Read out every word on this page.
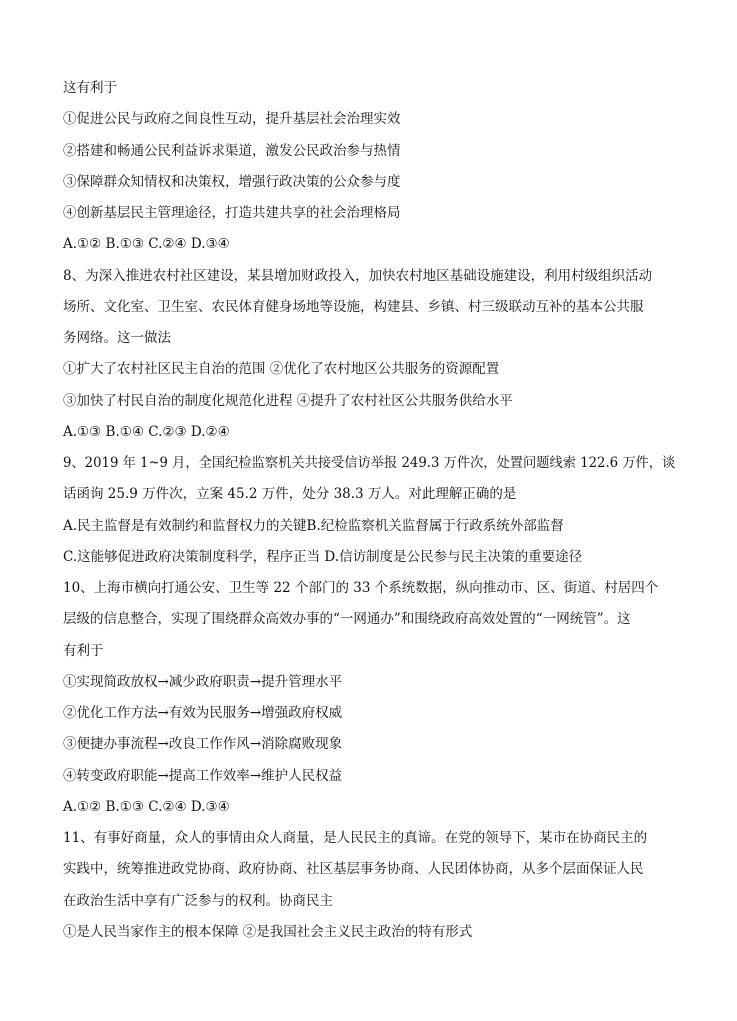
这有利于
①促进公民与政府之间良性互动，提升基层社会治理实效
②搭建和畅通公民利益诉求渠道，激发公民政治参与热情
③保障群众知情权和决策权，增强行政决策的公众参与度
④创新基层民主管理途径，打造共建共享的社会治理格局
A.①② B.①③ C.②④ D.③④
8、为深入推进农村社区建设，某县增加财政投入，加快农村地区基础设施建设，利用村级组织活动
场所、文化室、卫生室、农民体育健身场地等设施，构建县、乡镇、村三级联动互补的基本公共服
务网络。这一做法
①扩大了农村社区民主自治的范围 ②优化了农村地区公共服务的资源配置
③加快了村民自治的制度化规范化进程 ④提升了农村社区公共服务供给水平
A.①③ B.①④ C.②③ D.②④
9、2019 年 1~9 月，全国纪检监察机关共接受信访举报 249.3 万件次，处置问题线索 122.6 万件，谈
话函询 25.9 万件次，立案 45.2 万件，处分 38.3 万人。对此理解正确的是
A.民主监督是有效制约和监督权力的关键B.纪检监察机关监督属于行政系统外部监督
C.这能够促进政府决策制度科学，程序正当 D.信访制度是公民参与民主决策的重要途径
10、上海市横向打通公安、卫生等 22 个部门的 33 个系统数据，纵向推动市、区、街道、村居四个
层级的信息整合，实现了围绕群众高效办事的“一网通办”和围绕政府高效处置的“一网统管”。这
有利于
①实现简政放权→减少政府职责→提升管理水平
②优化工作方法→有效为民服务→增强政府权威
③便捷办事流程→改良工作作风→消除腐败现象
④转变政府职能→提高工作效率→维护人民权益
A.①② B.①③ C.②④ D.③④
11、有事好商量，众人的事情由众人商量，是人民民主的真谛。在党的领导下，某市在协商民主的
实践中，统筹推进政党协商、政府协商、社区基层事务协商、人民团体协商，从多个层面保证人民
在政治生活中享有广泛参与的权利。协商民主
①是人民当家作主的根本保障 ②是我国社会主义民主政治的特有形式
